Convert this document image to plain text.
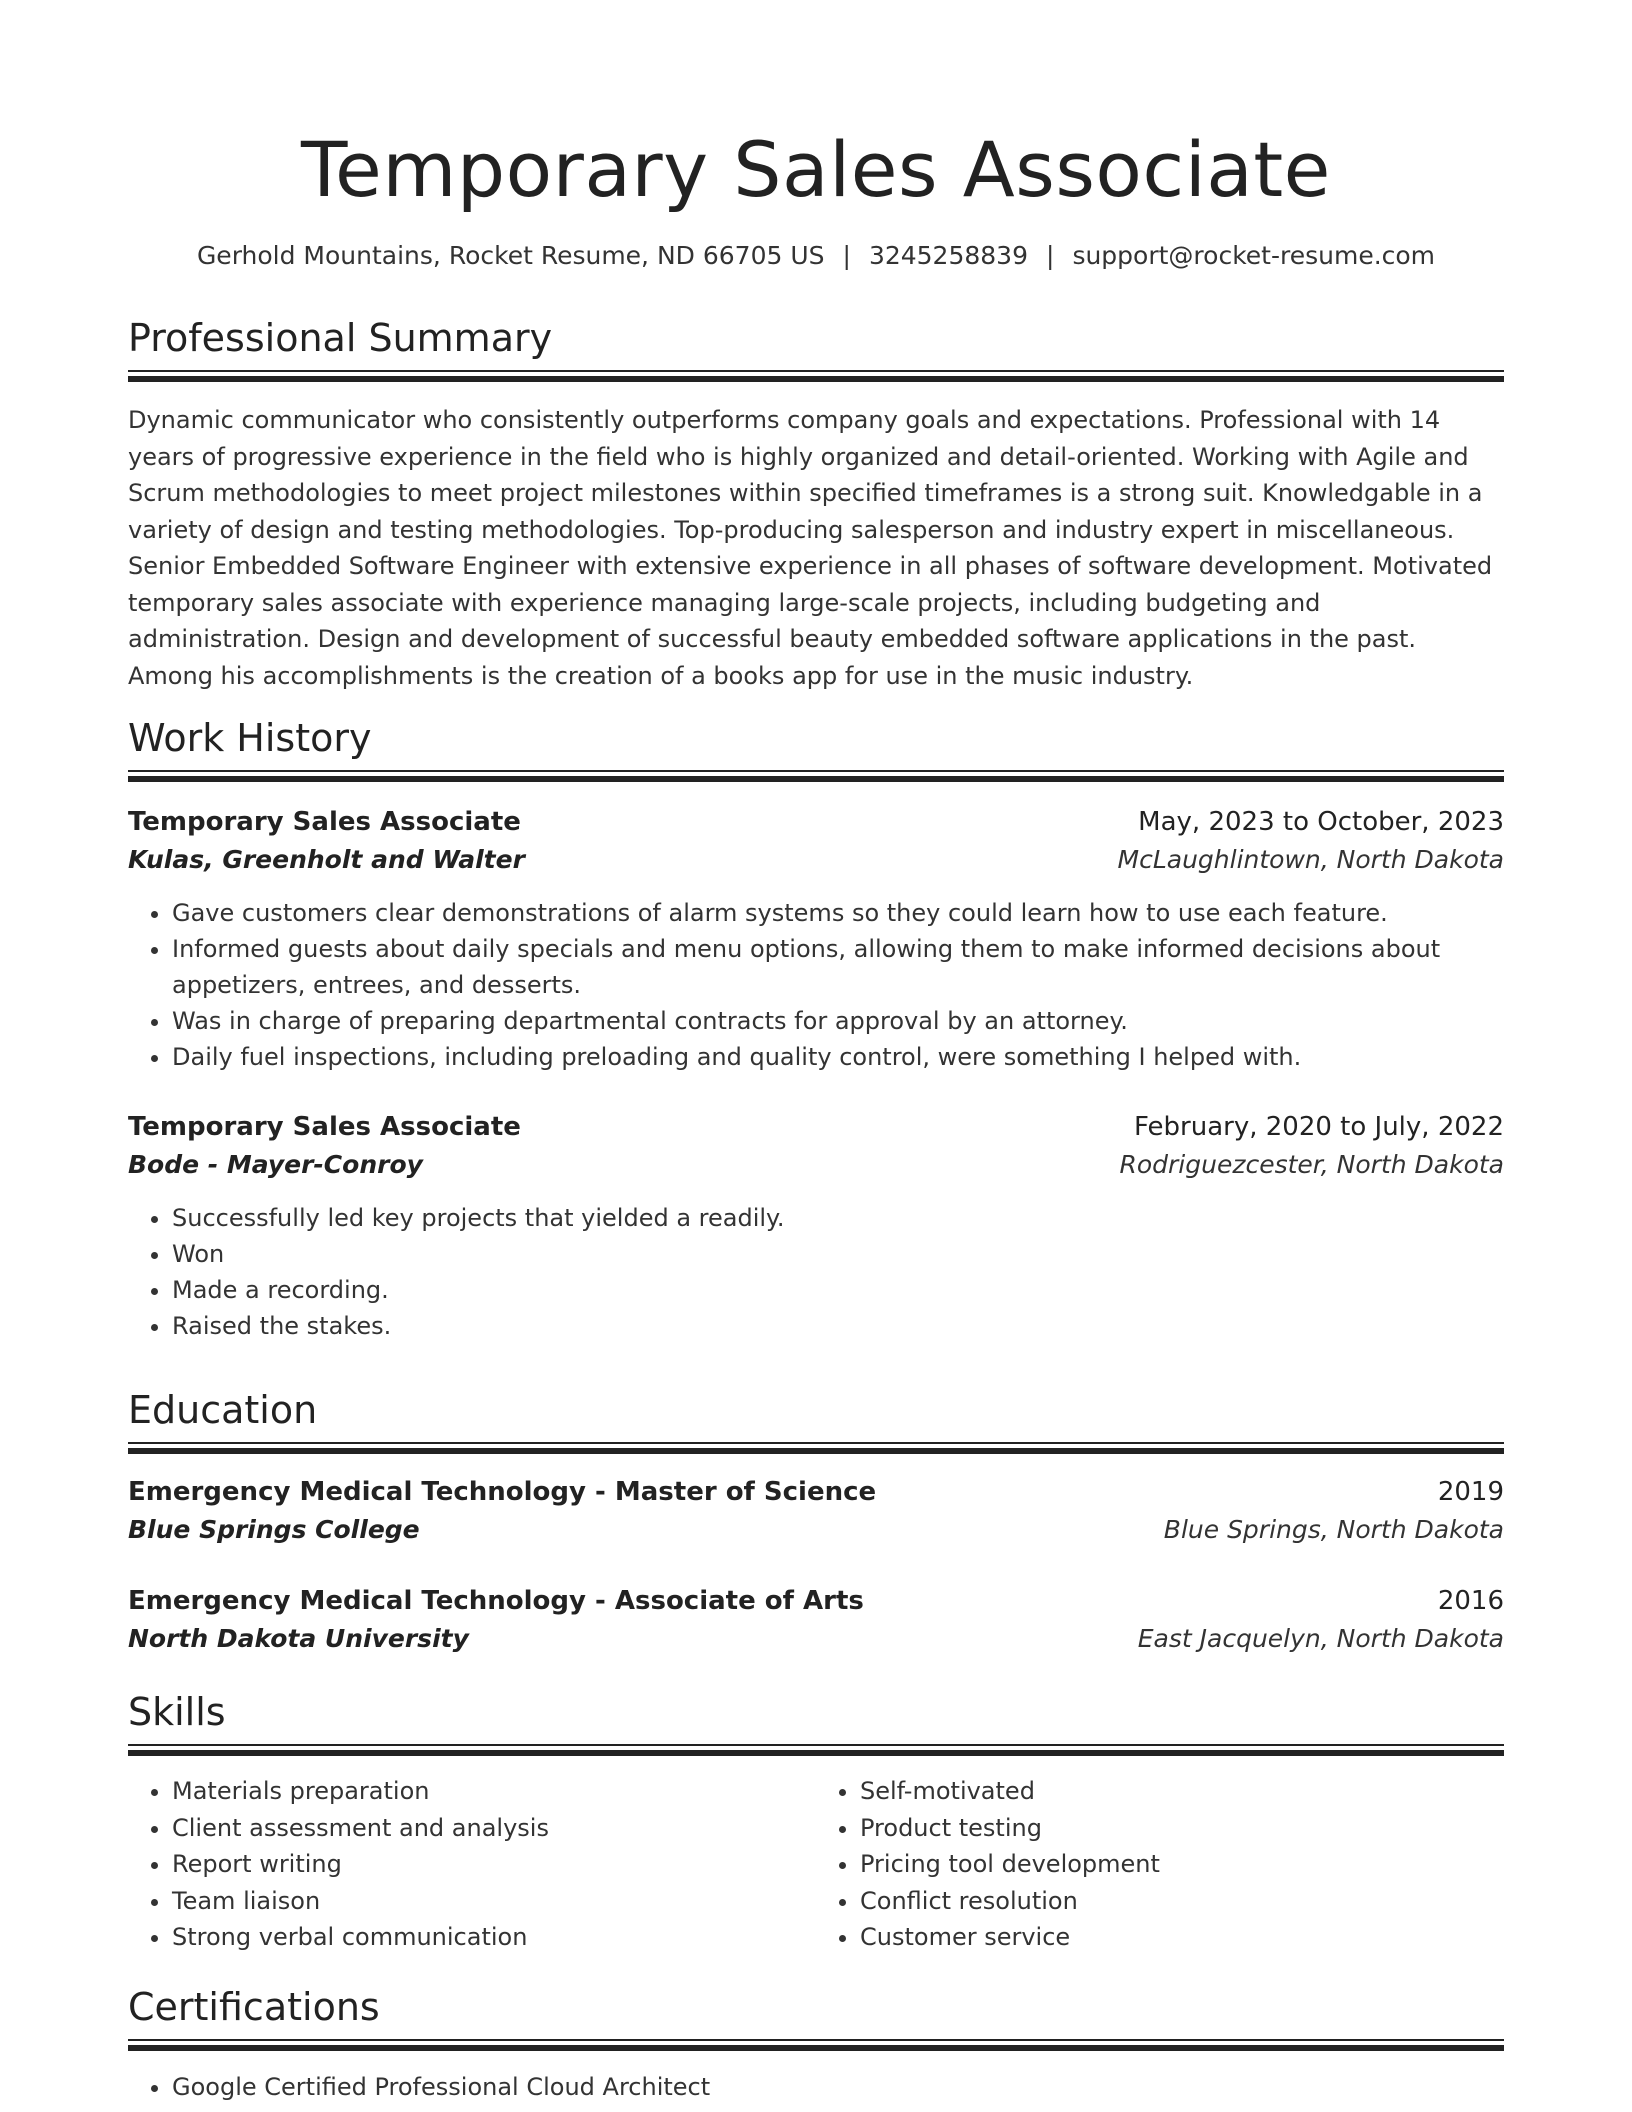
Temporary Sales Associate
Gerhold Mountains, Rocket Resume, ND 66705 US | 3245258839 | support@rocket-resume.com
Professional Summary

Dynamic communicator who consistently outperforms company goals and expectations. Professional with 14 years of progressive experience in the field who is highly organized and detail-oriented. Working with Agile and Scrum methodologies to meet project milestones within specified timeframes is a strong suit. Knowledgable in a variety of design and testing methodologies. Top-producing salesperson and industry expert in miscellaneous. Senior Embedded Software Engineer with extensive experience in all phases of software development. Motivated temporary sales associate with experience managing large-scale projects, including budgeting and administration. Design and development of successful beauty embedded software applications in the past. Among his accomplishments is the creation of a books app for use in the music industry.

Work History
Temporary Sales Associate	May, 2023 to October, 2023
Kulas, Greenholt and Walter	McLaughlintown, North Dakota
• Gave customers clear demonstrations of alarm systems so they could learn how to use each feature.
• Informed guests about daily specials and menu options, allowing them to make informed decisions about appetizers, entrees, and desserts.
• Was in charge of preparing departmental contracts for approval by an attorney.
• Daily fuel inspections, including preloading and quality control, were something I helped with.
Temporary Sales Associate	February, 2020 to July, 2022
Bode - Mayer-Conroy	Rodriguezcester, North Dakota
• Successfully led key projects that yielded a readily.
• Won
• Made a recording.
• Raised the stakes.
Education
Emergency Medical Technology - Master of Science	2019
Blue Springs College	Blue Springs, North Dakota
Emergency Medical Technology - Associate of Arts	2016
North Dakota University	East Jacquelyn, North Dakota
Skills
• Materials preparation
• Client assessment and analysis
• Report writing
• Team liaison
• Strong verbal communication
• Self-motivated
• Product testing
• Pricing tool development
• Conflict resolution
• Customer service
Certifications
• Google Certified Professional Cloud Architect
